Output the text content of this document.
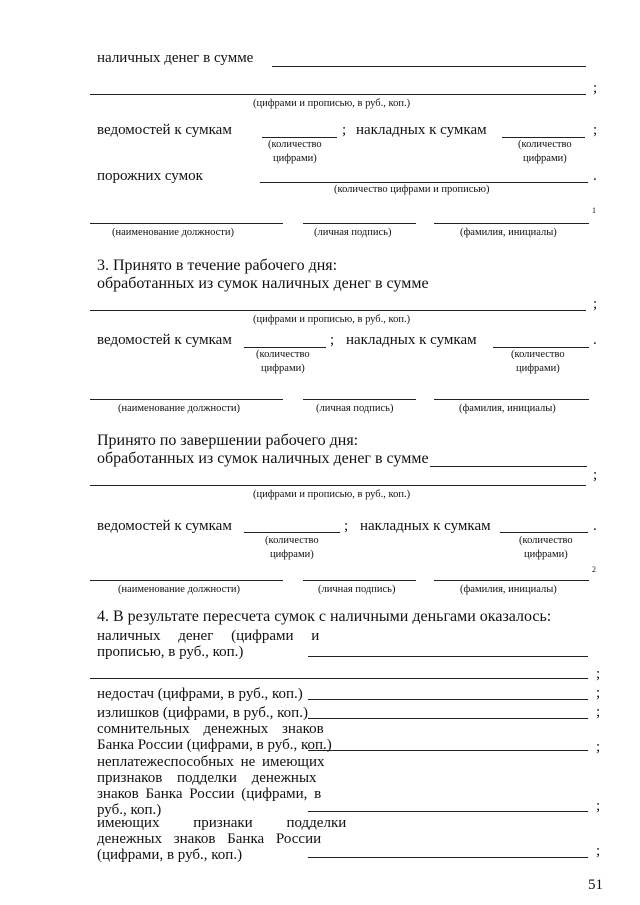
наличных денег в сумме
;
(цифрами и прописью, в руб., коп.)
ведомостей к сумкам	; накладных к сумкам	;
(количество
цифрами)
(количество
цифрами)
порожних сумок	.
(количество цифрами и прописью)
1
(наименование должности)	(личная подпись)	(фамилия, инициалы)
3. Принято в течение рабочего дня:
обработанных из сумок наличных денег в сумме
;
(цифрами и прописью, в руб., коп.)
ведомостей к сумкам	; накладных к сумкам	.
(количество
цифрами)
(количество
цифрами)
(наименование должности)	(личная подпись)	(фамилия, инициалы)
Принято по завершении рабочего дня:
обработанных из сумок наличных денег в сумме
;
(цифрами и прописью, в руб., коп.)
ведомостей к сумкам	; накладных к сумкам	.
(количество
цифрами)
(количество
цифрами)
2
(наименование должности)	(личная подпись)	(фамилия, инициалы)
4. В результате пересчета сумок с наличными деньгами оказалось:
наличных денег (цифрами и
прописью, в руб., коп.)
;
недостач (цифрами, в руб., коп.)	;
излишков (цифрами, в руб., коп.)	;
сомнительных денежных знаков
Банка России (цифрами, в руб., коп.)	;
неплатежеспособных не имеющих
признаков подделки денежных
знаков Банка России (цифрами, в
руб., коп.)	;
имеющих признаки подделки
денежных знаков Банка России
(цифрами, в руб., коп.)	;
51
